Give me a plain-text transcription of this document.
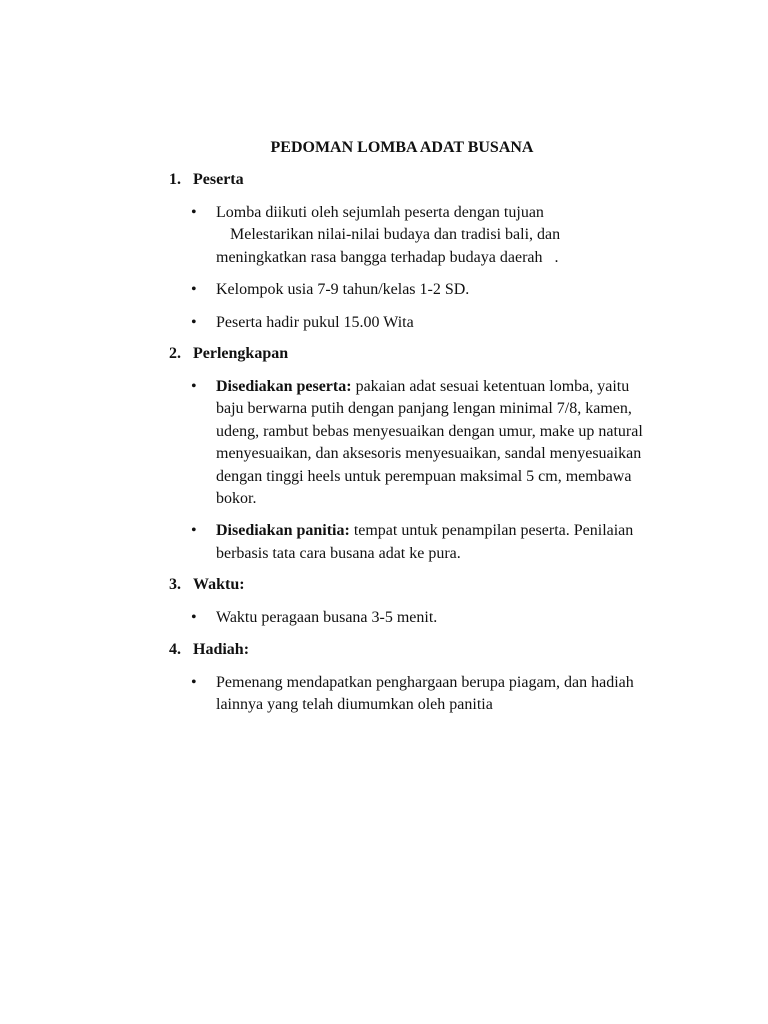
PEDOMAN LOMBA ADAT BUSANA
1. Peserta
• Lomba diikuti oleh sejumlah peserta dengan tujuan
Melestarikan nilai-nilai budaya dan tradisi bali, dan
meningkatkan rasa bangga terhadap budaya daerah   .
• Kelompok usia 7-9 tahun/kelas 1-2 SD.
• Peserta hadir pukul 15.00 Wita
2. Perlengkapan
• Disediakan peserta: pakaian adat sesuai ketentuan lomba, yaitu baju berwarna putih dengan panjang lengan minimal 7/8, kamen, udeng, rambut bebas menyesuaikan dengan umur, make up natural menyesuaikan, dan aksesoris menyesuaikan, sandal menyesuaikan dengan tinggi heels untuk perempuan maksimal 5 cm, membawa bokor.
• Disediakan panitia: tempat untuk penampilan peserta. Penilaian berbasis tata cara busana adat ke pura.
3. Waktu:
• Waktu peragaan busana 3-5 menit.
4. Hadiah:
• Pemenang mendapatkan penghargaan berupa piagam, dan hadiah lainnya yang telah diumumkan oleh panitia
